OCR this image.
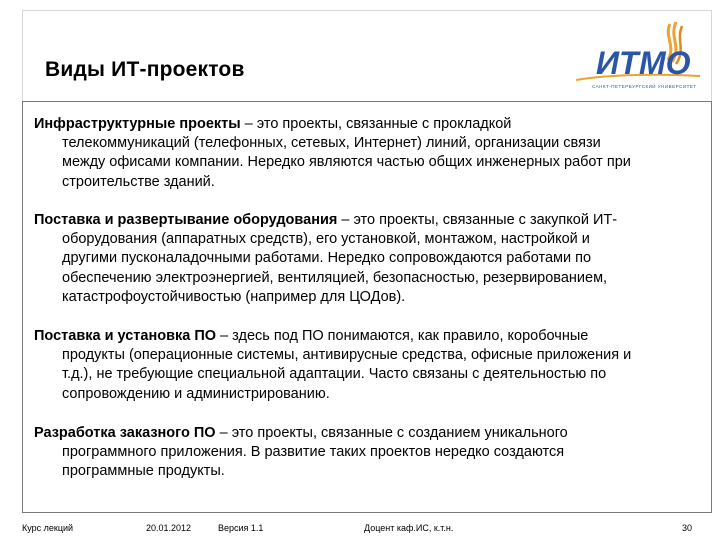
Виды ИТ-проектов	ИТМО
САНКТ-ПЕТЕРБУРГСКИЙ УНИВЕРСИТЕТ
Инфраструктурные проекты – это проекты, связанные с прокладкой
телекоммуникаций (телефонных, сетевых, Интернет) линий, организации связи
между офисами компании. Нередко являются частью общих инженерных работ при
строительстве зданий.
Поставка и развертывание оборудования – это проекты, связанные с закупкой ИТ-
оборудования (аппаратных средств), его установкой, монтажом, настройкой и
другими пусконаладочными работами. Нередко сопровождаются работами по
обеспечению электроэнергией, вентиляцией, безопасностью, резервированием,
катастрофоустойчивостью (например для ЦОДов).
Поставка и установка ПО – здесь под ПО понимаются, как правило, коробочные
продукты (операционные системы, антивирусные средства, офисные приложения и
т.д.), не требующие специальной адаптации. Часто связаны с деятельностью по
сопровождению и администрированию.
Разработка заказного ПО – это проекты, связанные с созданием уникального
программного приложения. В развитие таких проектов нередко создаются
программные продукты.
Курс лекций	20.01.2012	Версия 1.1	Доцент каф.ИС, к.т.н.	30
